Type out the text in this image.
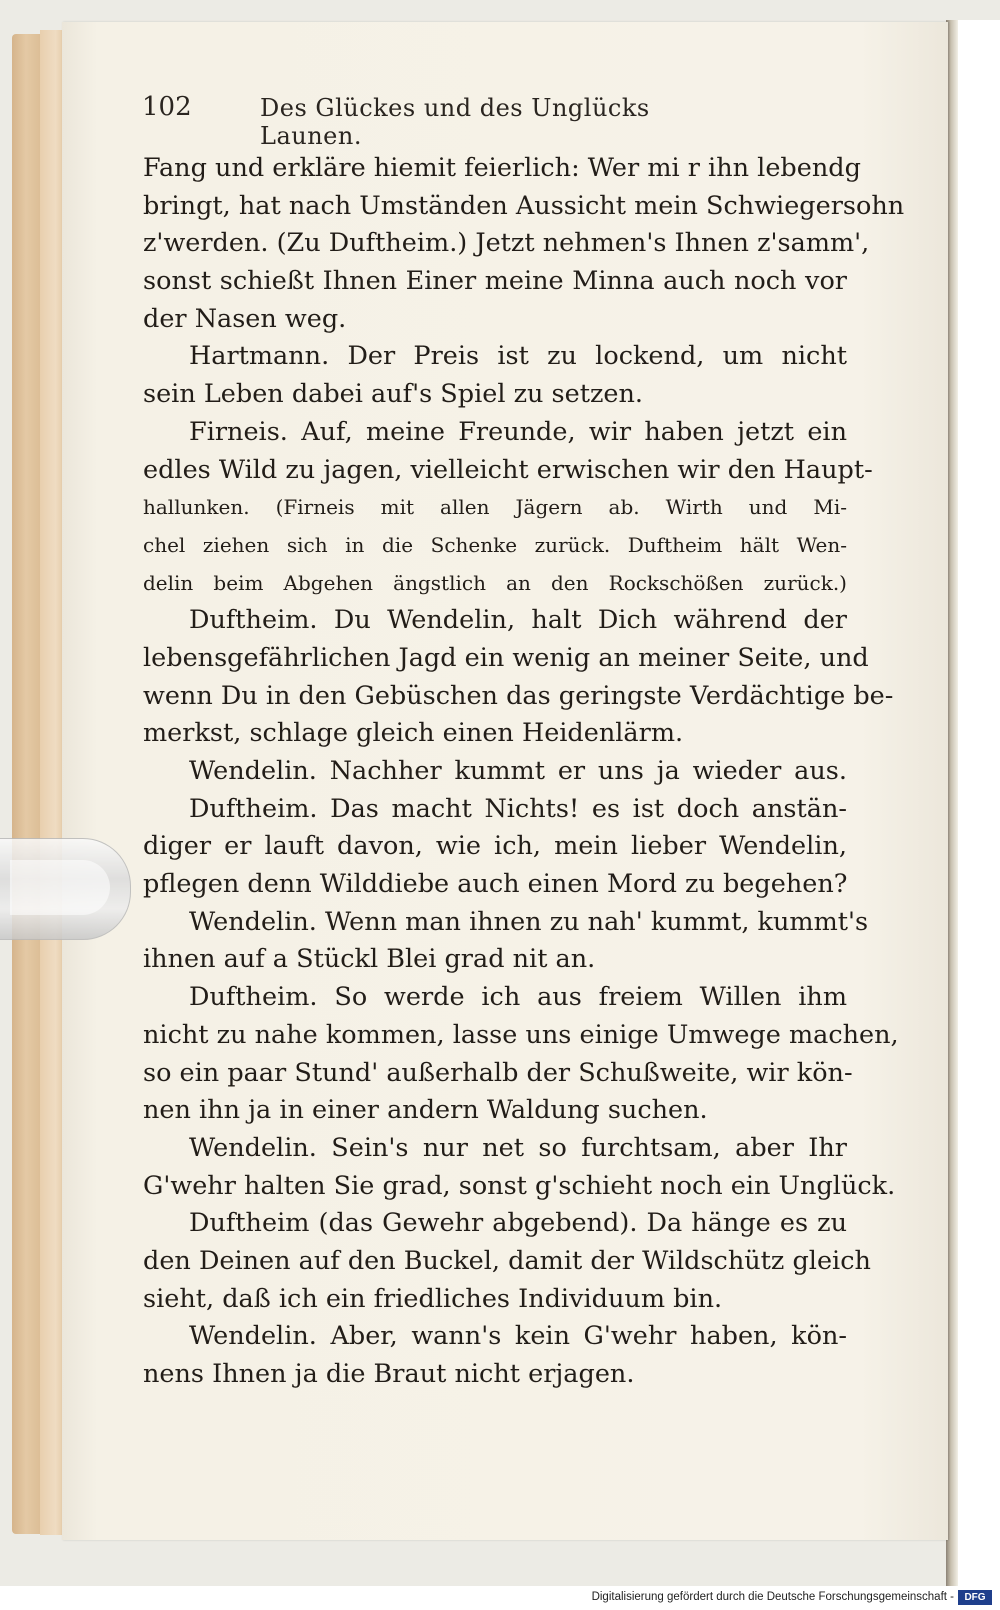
102	Des Glückes und des Unglücks Launen.
Fang und erkläre hiemit feierlich: Wer mi r ihn lebendg
bringt, hat nach Umständen Aussicht mein Schwiegersohn
z'werden. (Zu Duftheim.) Jetzt nehmen's Ihnen z'samm',
sonst schießt Ihnen Einer meine Minna auch noch vor
der Nasen weg.
Hartmann. Der Preis ist zu lockend, um nicht
sein Leben dabei auf's Spiel zu setzen.
Firneis. Auf, meine Freunde, wir haben jetzt ein
edles Wild zu jagen, vielleicht erwischen wir den Haupt-
hallunken. (Firneis mit allen Jägern ab. Wirth und Mi-
chel ziehen sich in die Schenke zurück. Duftheim hält Wen-
delin beim Abgehen ängstlich an den Rockschößen zurück.)
Duftheim. Du Wendelin, halt Dich während der
lebensgefährlichen Jagd ein wenig an meiner Seite, und
wenn Du in den Gebüschen das geringste Verdächtige be-
merkst, schlage gleich einen Heidenlärm.
Wendelin. Nachher kummt er uns ja wieder aus.
Duftheim. Das macht Nichts! es ist doch anstän-
diger er lauft davon, wie ich, mein lieber Wendelin,
pflegen denn Wilddiebe auch einen Mord zu begehen?
Wendelin. Wenn man ihnen zu nah' kummt, kummt's
ihnen auf a Stückl Blei grad nit an.
Duftheim. So werde ich aus freiem Willen ihm
nicht zu nahe kommen, lasse uns einige Umwege machen,
so ein paar Stund' außerhalb der Schußweite, wir kön-
nen ihn ja in einer andern Waldung suchen.
Wendelin. Sein's nur net so furchtsam, aber Ihr
G'wehr halten Sie grad, sonst g'schieht noch ein Unglück.
Duftheim (das Gewehr abgebend). Da hänge es zu
den Deinen auf den Buckel, damit der Wildschütz gleich
sieht, daß ich ein friedliches Individuum bin.
Wendelin. Aber, wann's kein G'wehr haben, kön-
nens Ihnen ja die Braut nicht erjagen.
Digitalisierung gefördert durch die Deutsche Forschungsgemeinschaft -	DFG
